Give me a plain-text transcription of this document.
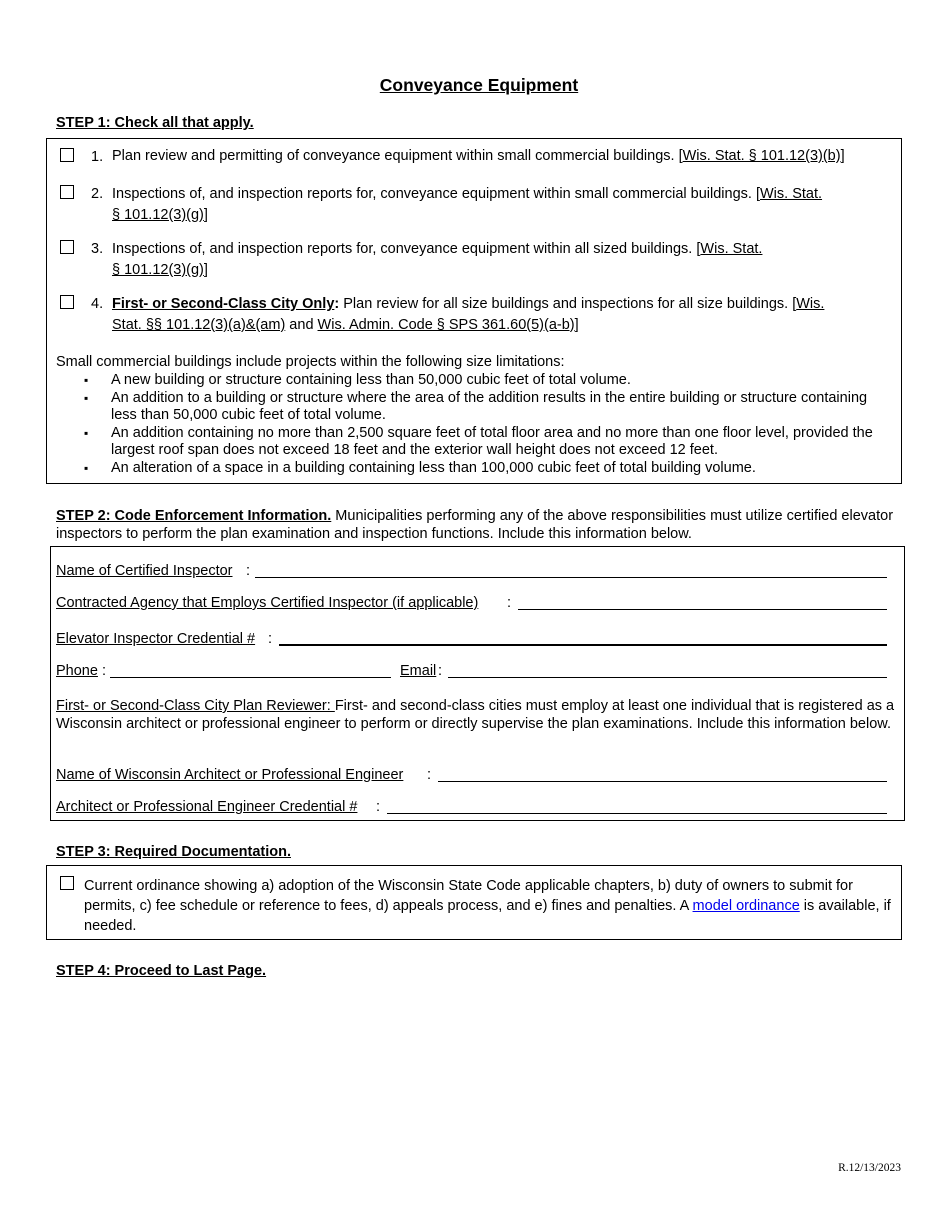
Conveyance Equipment
STEP 1: Check all that apply.
1. Plan review and permitting of conveyance equipment within small commercial buildings. [Wis. Stat. § 101.12(3)(b)]
2. Inspections of, and inspection reports for, conveyance equipment within small commercial buildings. [Wis. Stat.
§ 101.12(3)(g)]
3. Inspections of, and inspection reports for, conveyance equipment within all sized buildings. [Wis. Stat.
§ 101.12(3)(g)]
4. First- or Second-Class City Only: Plan review for all size buildings and inspections for all size buildings. [Wis.
Stat. §§ 101.12(3)(a)&(am) and Wis. Admin. Code § SPS 361.60(5)(a-b)]
Small commercial buildings include projects within the following size limitations:
▪ A new building or structure containing less than 50,000 cubic feet of total volume.
▪ An addition to a building or structure where the area of the addition results in the entire building or structure containing less than 50,000 cubic feet of total volume.
▪ An addition containing no more than 2,500 square feet of total floor area and no more than one floor level, provided the largest roof span does not exceed 18 feet and the exterior wall height does not exceed 12 feet.
▪ An alteration of a space in a building containing less than 100,000 cubic feet of total building volume.
STEP 2: Code Enforcement Information. Municipalities performing any of the above responsibilities must utilize certified elevator inspectors to perform the plan examination and inspection functions. Include this information below.
Name of Certified Inspector :
Contracted Agency that Employs Certified Inspector (if applicable) :
Elevator Inspector Credential # :
Phone :	Email :
First- or Second-Class City Plan Reviewer: First- and second-class cities must employ at least one individual that is registered as a Wisconsin architect or professional engineer to perform or directly supervise the plan examinations. Include this information below.
Name of Wisconsin Architect or Professional Engineer :
Architect or Professional Engineer Credential # :
STEP 3: Required Documentation.
Current ordinance showing a) adoption of the Wisconsin State Code applicable chapters, b) duty of owners to submit for permits, c) fee schedule or reference to fees, d) appeals process, and e) fines and penalties. A model ordinance is available, if needed.
STEP 4: Proceed to Last Page.
R.12/13/2023
